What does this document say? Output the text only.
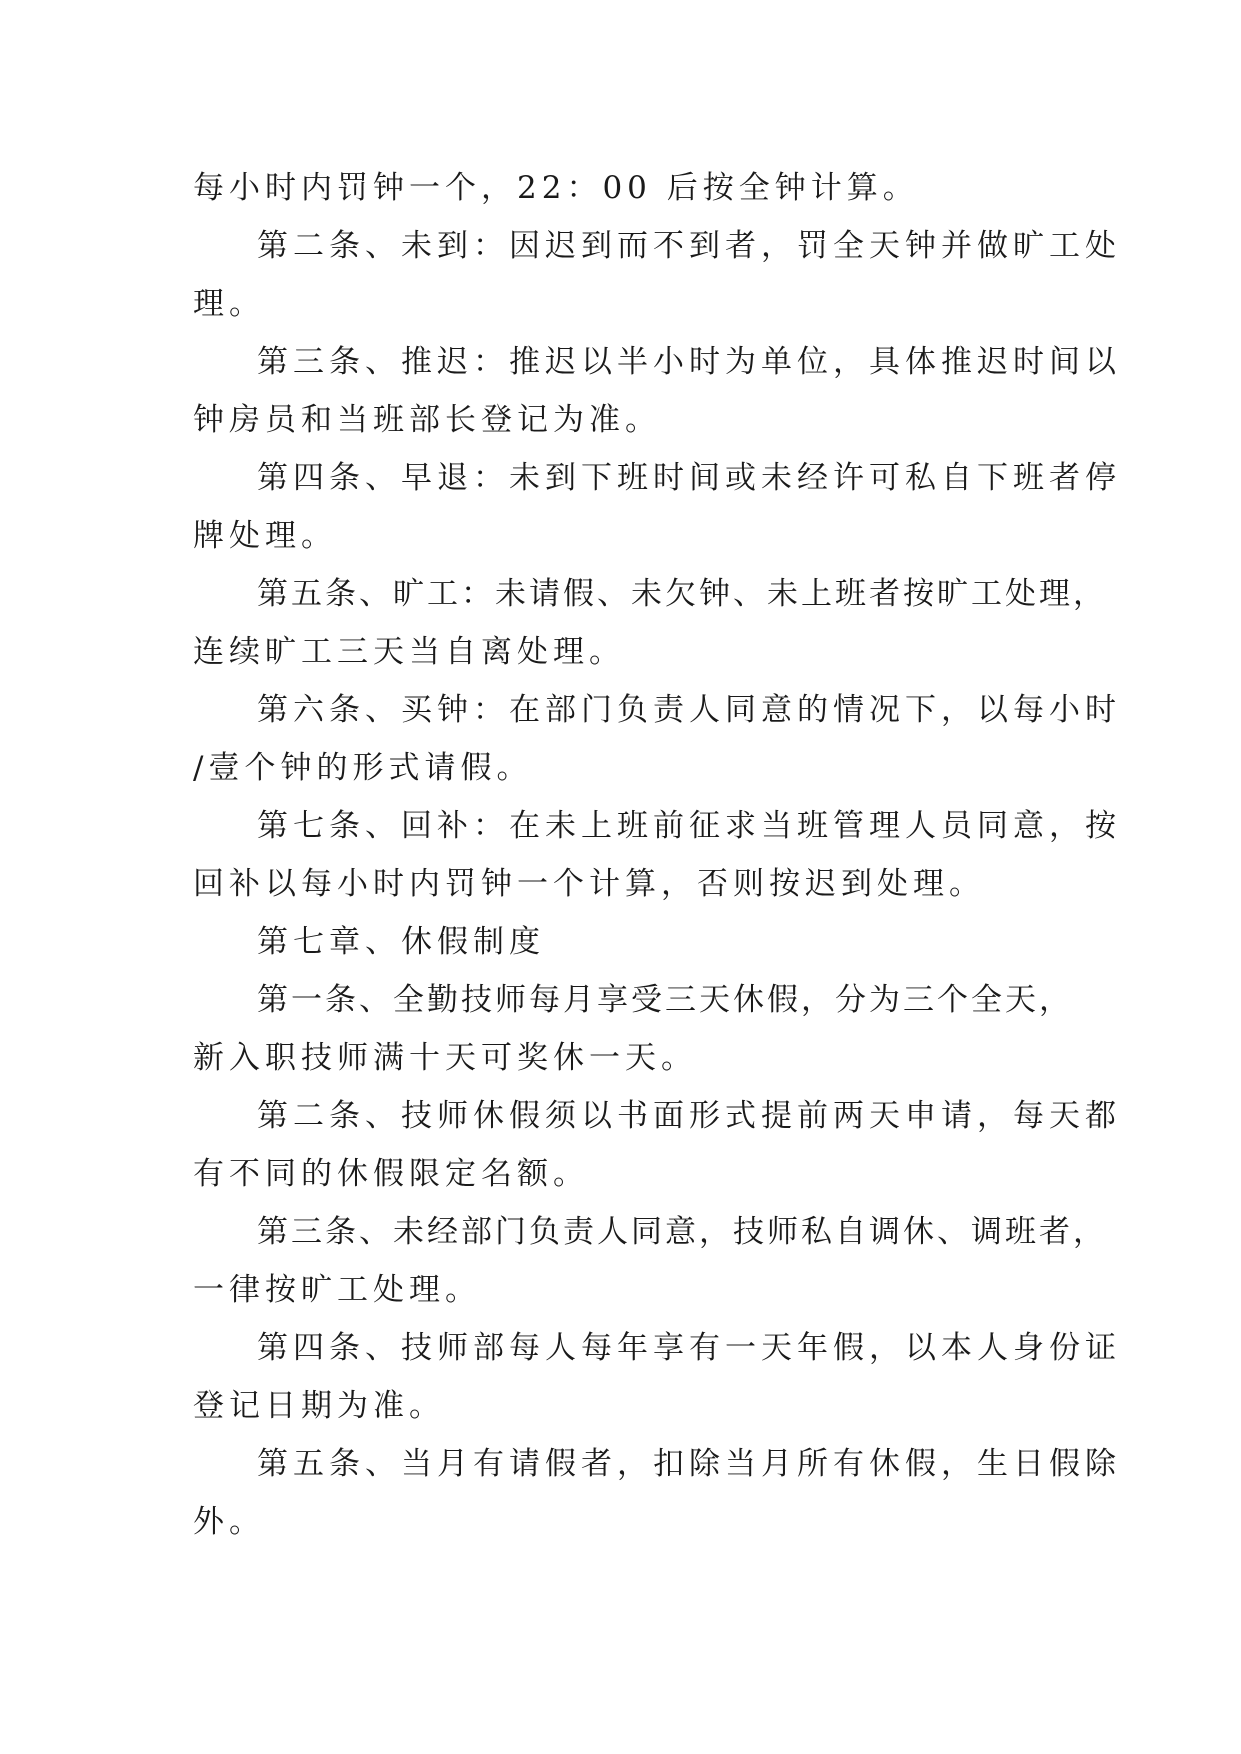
每小时内罚钟一个，22：00 后按全钟计算。
第二条、未到：因迟到而不到者，罚全天钟并做旷工处
理。
第三条、推迟：推迟以半小时为单位，具体推迟时间以
钟房员和当班部长登记为准。
第四条、早退：未到下班时间或未经许可私自下班者停
牌处理。
第五条、旷工：未请假、未欠钟、未上班者按旷工处理，
连续旷工三天当自离处理。
第六条、买钟：在部门负责人同意的情况下，以每小时
/壹个钟的形式请假。
第七条、回补：在未上班前征求当班管理人员同意，按
回补以每小时内罚钟一个计算，否则按迟到处理。
第七章、休假制度
第一条、全勤技师每月享受三天休假，分为三个全天，
新入职技师满十天可奖休一天。
第二条、技师休假须以书面形式提前两天申请，每天都
有不同的休假限定名额。
第三条、未经部门负责人同意，技师私自调休、调班者，
一律按旷工处理。
第四条、技师部每人每年享有一天年假，以本人身份证
登记日期为准。
第五条、当月有请假者，扣除当月所有休假，生日假除
外。
